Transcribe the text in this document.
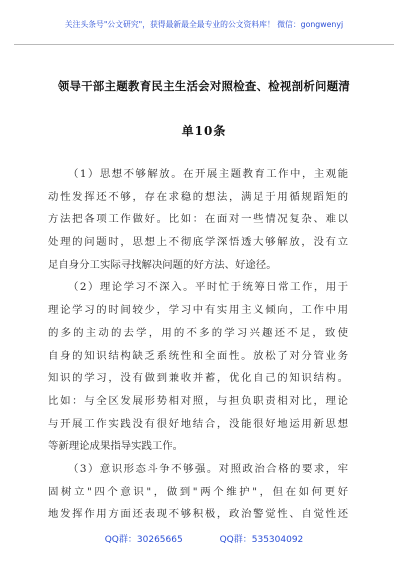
关注头条号"公文研究"，获得最新最全最专业的公文资料库！ 微信：gongwenyj
领导干部主题教育民主生活会对照检查、检视剖析问题清
单10条
（1）思想不够解放。在开展主题教育工作中，主观能
动性发挥还不够，存在求稳的想法，满足于用循规蹈矩的
方法把各项工作做好。比如：在面对一些情况复杂、难以
处理的问题时，思想上不彻底学深悟透大够解放，没有立
足自身分工实际寻找解决问题的好方法、好途径。
（2）理论学习不深入。平时忙于统筹日常工作，用于
理论学习的时间较少，学习中有实用主义倾向，工作中用
的多的主动的去学，用的不多的学习兴趣还不足，致使
自身的知识结构缺乏系统性和全面性。放松了对分管业务
知识的学习，没有做到兼收并蓄，优化自己的知识结构。
比如：与全区发展形势相对照，与担负职责相对比，理论
与开展工作实践没有很好地结合，没能很好地运用新思想
等新理论成果指导实践工作。
（3）意识形态斗争不够强。对照政治合格的要求，牢
固树立"四个意识"，做到"两个维护"，但在如何更好
地发挥作用方面还表现不够积极，政治警觉性、自觉性还
QQ群：30265665	QQ群：535304092
